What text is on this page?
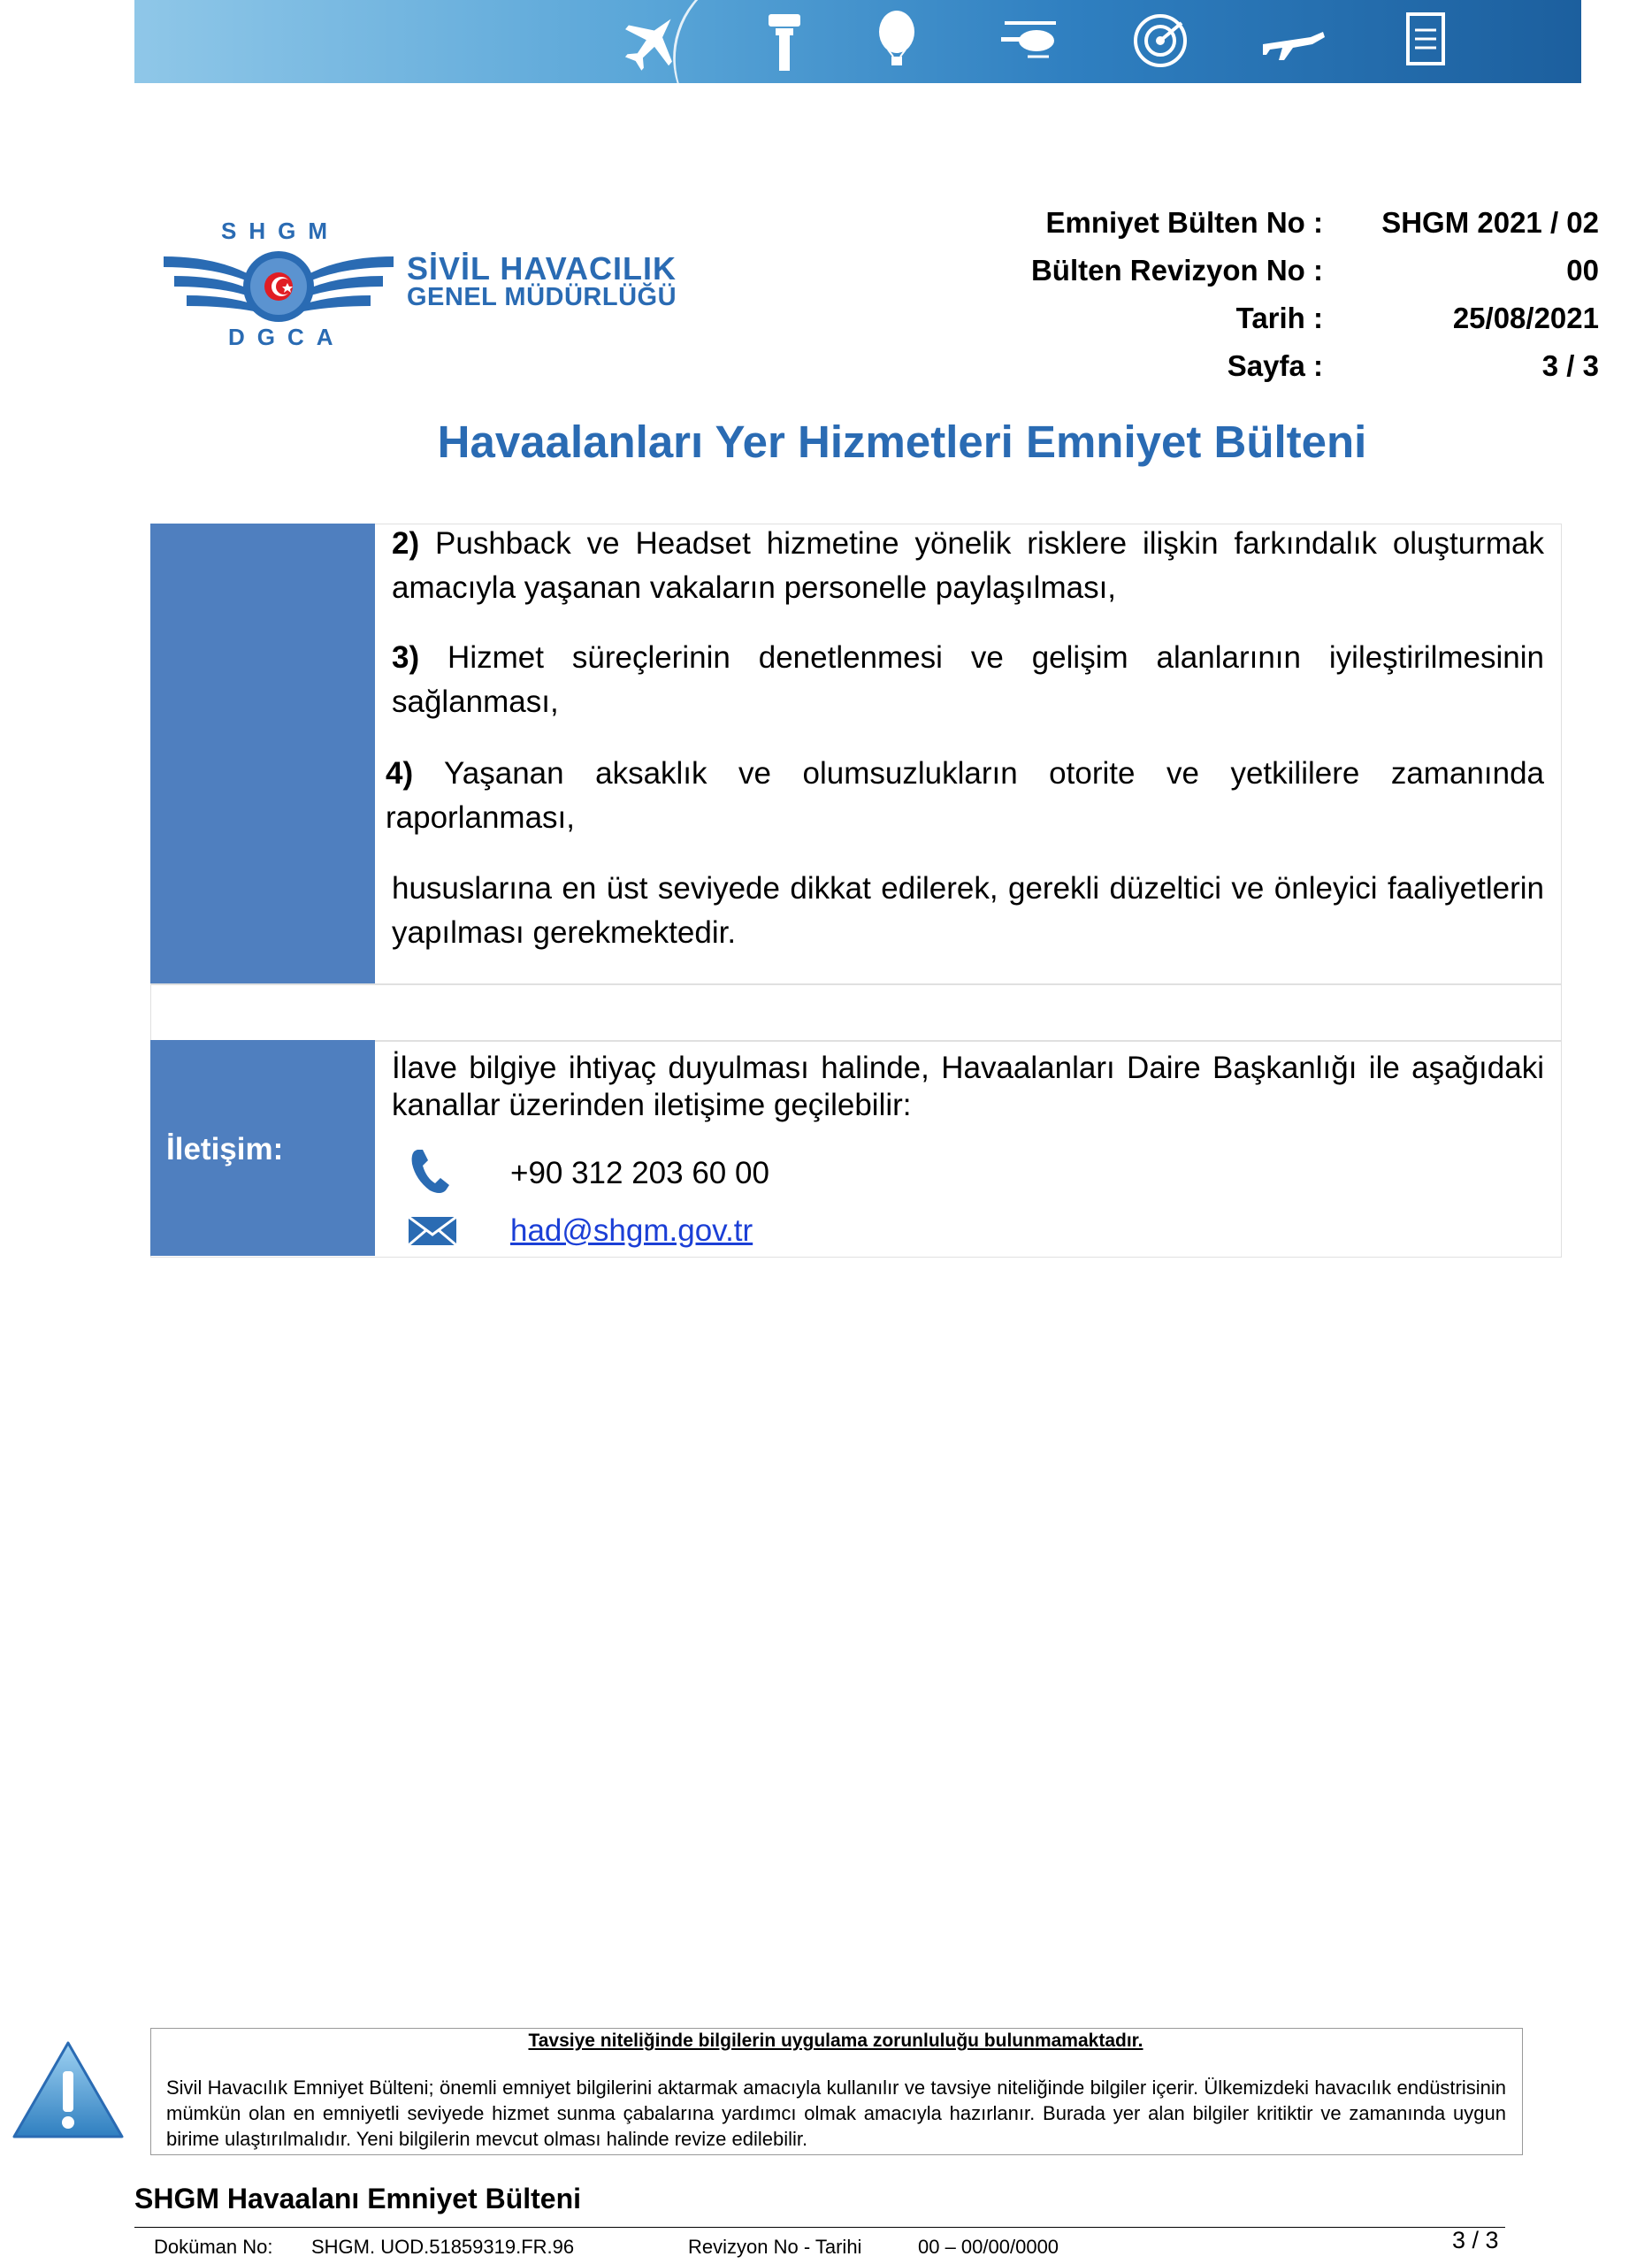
SHGM
DGCA
SİVİL HAVACILIK
GENEL MÜDÜRLÜĞÜ
Emniyet Bülten No :	SHGM 2021 / 02
Bülten Revizyon No :	00
Tarih :	25/08/2021
Sayfa :	3 / 3
Havaalanları Yer Hizmetleri Emniyet Bülteni
2) Pushback ve Headset hizmetine yönelik risklere ilişkin farkındalık oluşturmak amacıyla yaşanan vakaların personelle paylaşılması,
3) Hizmet süreçlerinin denetlenmesi ve gelişim alanlarının iyileştirilmesinin sağlanması,
4) Yaşanan aksaklık ve olumsuzlukların otorite ve yetkililere zamanında raporlanması,
hususlarına en üst seviyede dikkat edilerek, gerekli düzeltici ve önleyici faaliyetlerin yapılması gerekmektedir.
İletişim:
İlave bilgiye ihtiyaç duyulması halinde, Havaalanları Daire Başkanlığı ile aşağıdaki kanallar üzerinden iletişime geçilebilir:
+90 312 203 60 00
had@shgm.gov.tr
Tavsiye niteliğinde bilgilerin uygulama zorunluluğu bulunmamaktadır.
Sivil Havacılık Emniyet Bülteni; önemli emniyet bilgilerini aktarmak amacıyla kullanılır ve tavsiye niteliğinde bilgiler içerir. Ülkemizdeki havacılık endüstrisinin mümkün olan en emniyetli seviyede hizmet sunma çabalarına yardımcı olmak amacıyla hazırlanır. Burada yer alan bilgiler kritiktir ve zamanında uygun birime ulaştırılmalıdır. Yeni bilgilerin mevcut olması halinde revize edilebilir.
SHGM Havaalanı Emniyet Bülteni
Doküman No: SHGM. UOD.51859319.FR.96	Revizyon No - Tarihi	00 – 00/00/0000	3 / 3
